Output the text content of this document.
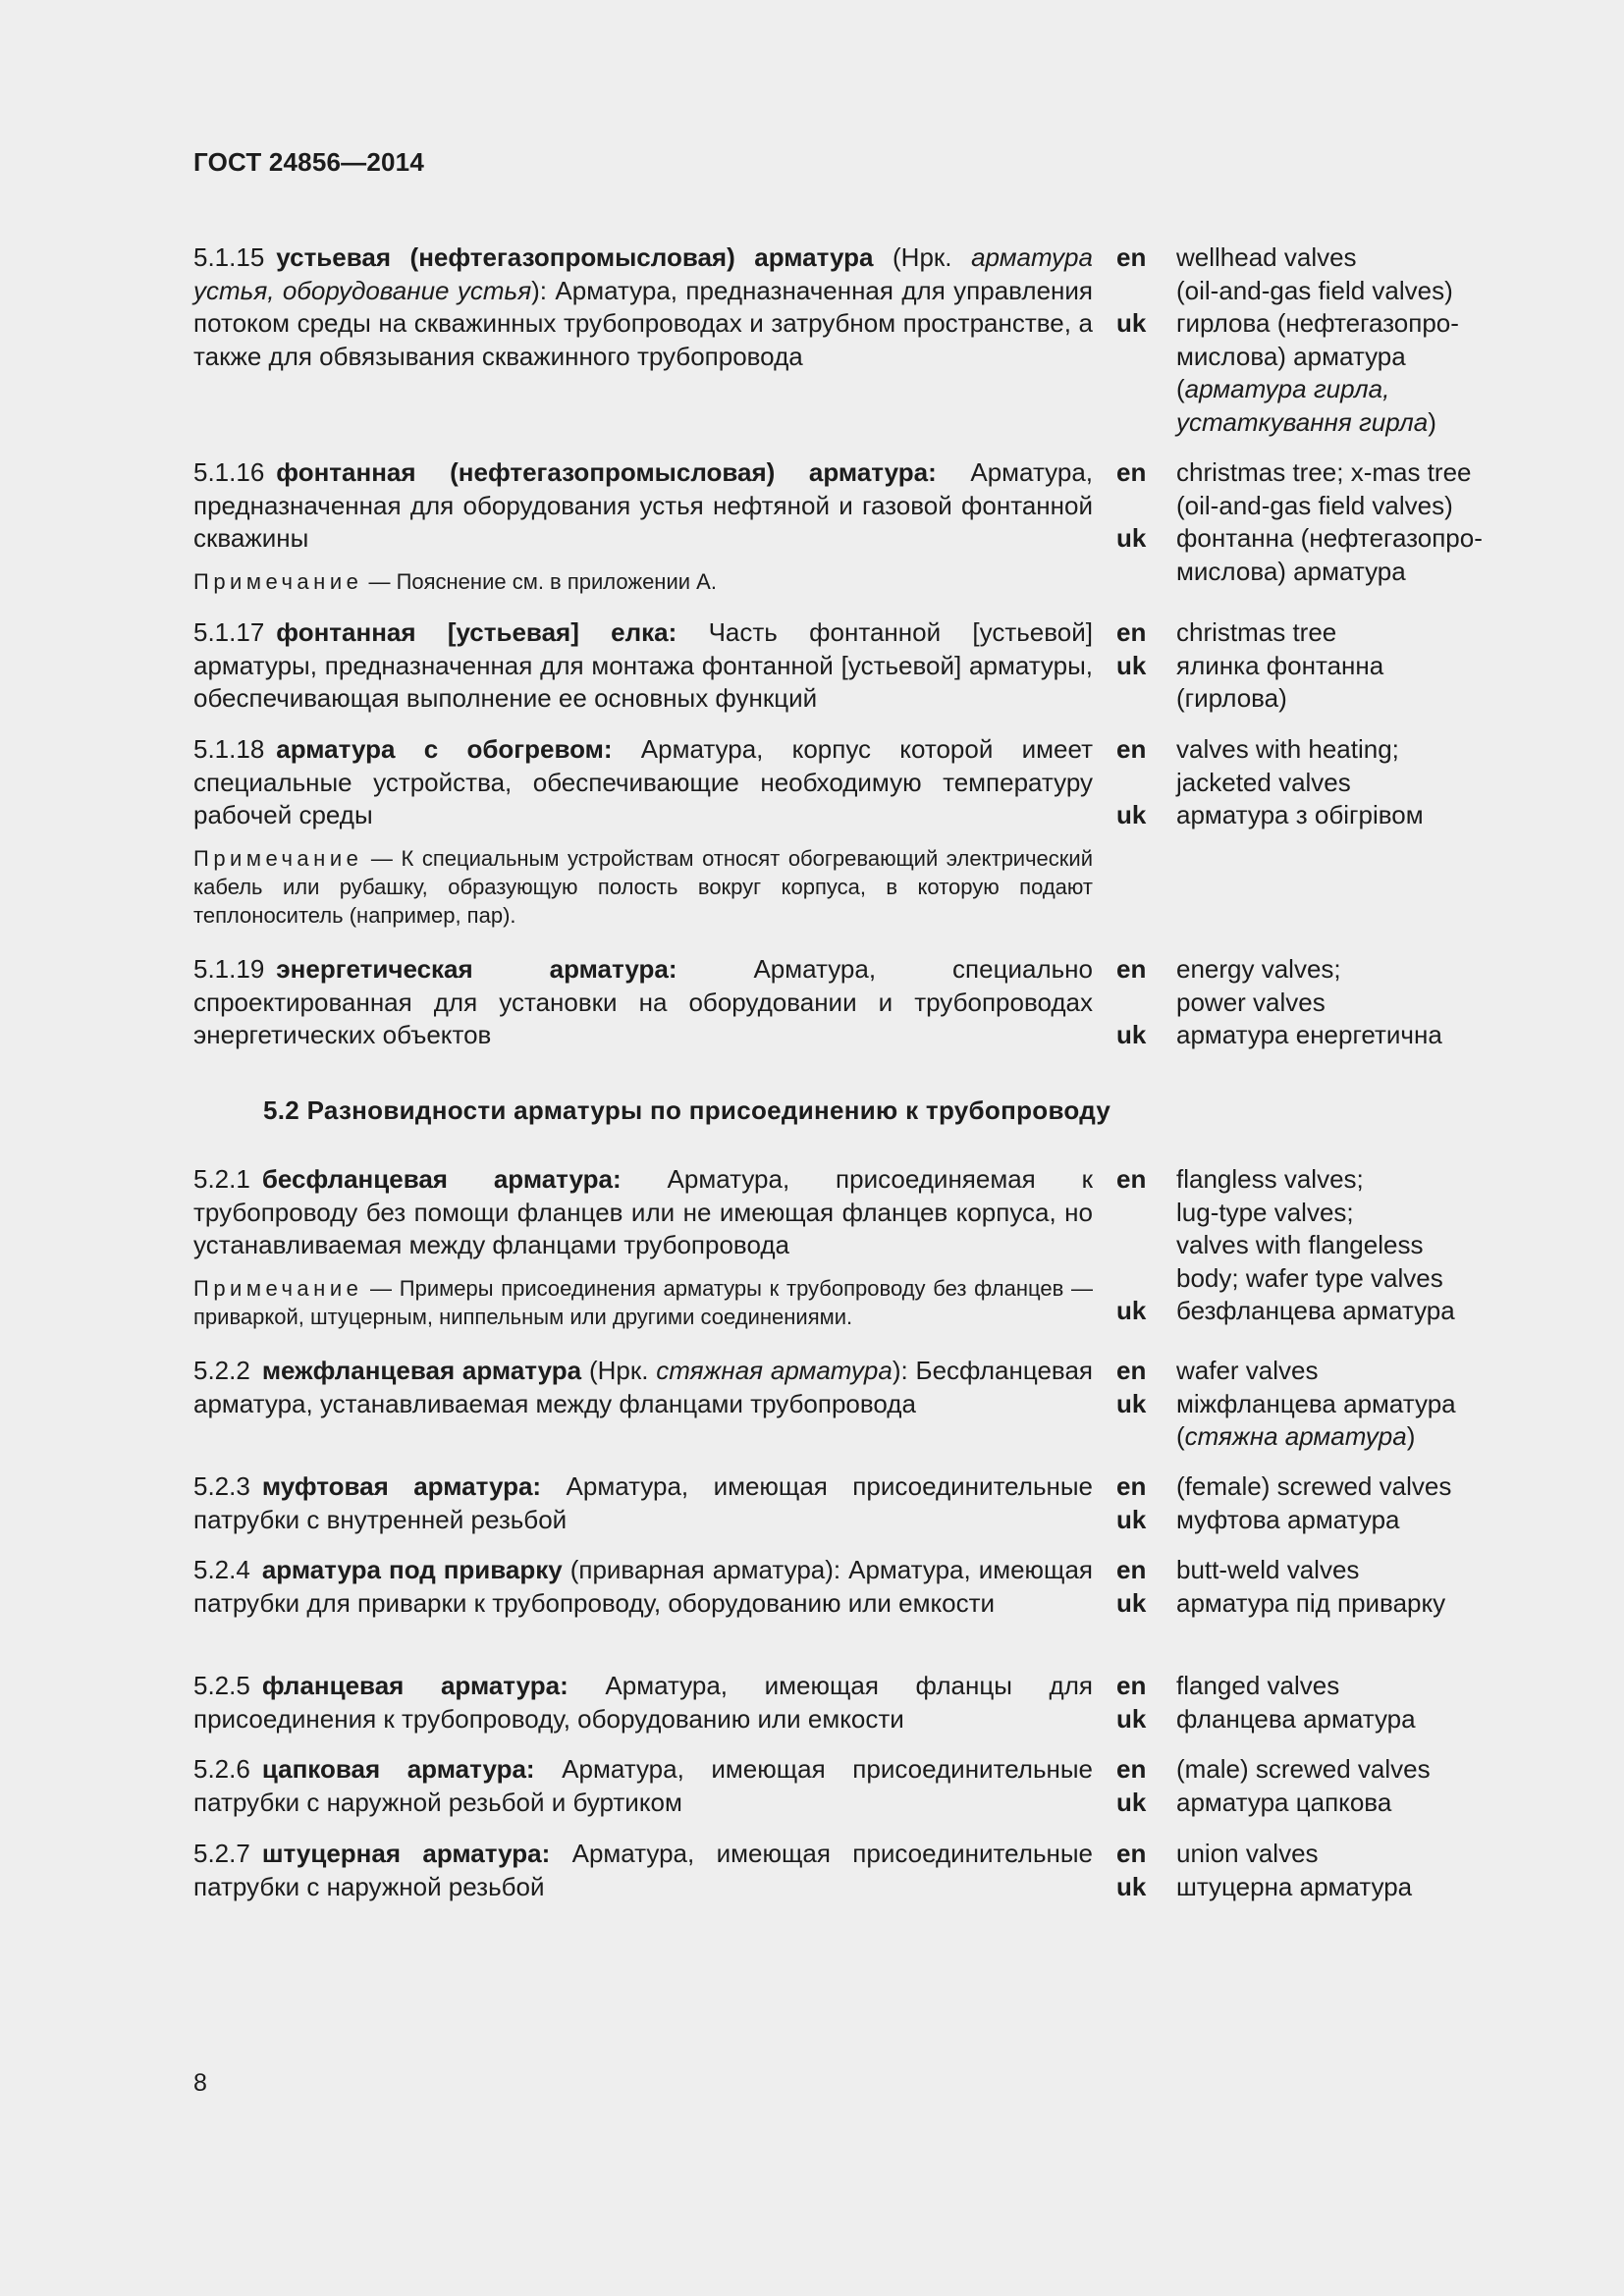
ГОСТ 24856—2014
5.1.15 устьевая (нефтегазопромысловая) арматура (Нрк. арматура устья, оборудование устья): Арматура, предназначенная для управления потоком среды на скважинных трубопроводах и затрубном пространстве, а также для обвязывания скважинного трубопровода
en
uk
wellhead valves
(oil-and-gas field valves)
гирлова (нефтегазопро-
мислова) арматура
(арматура гирла,
устаткування гирла)
5.1.16 фонтанная (нефтегазопромысловая) арматура: Арматура, предназначенная для оборудования устья нефтяной и газовой фонтанной скважины
Примечание — Пояснение см. в приложении А.
en
uk
christmas tree; x-mas tree
(oil-and-gas field valves)
фонтанна (нефтегазопро-
мислова) арматура
5.1.17 фонтанная [устьевая] елка: Часть фонтанной [устьевой] арматуры, предназначенная для монтажа фонтанной [устьевой] арматуры, обеспечивающая выполнение ее основных функций
en
uk
christmas tree
ялинка фонтанна
(гирлова)
5.1.18 арматура с обогревом: Арматура, корпус которой имеет специальные устройства, обеспечивающие необходимую температуру рабочей среды
Примечание — К специальным устройствам относят обогревающий электрический кабель или рубашку, образующую полость вокруг корпуса, в которую подают теплоноситель (например, пар).
en
uk
valves with heating;
jacketed valves
арматура з обігрівом
5.1.19 энергетическая арматура: Арматура, специально спроектированная для установки на оборудовании и трубопроводах энергетических объектов
en
uk
energy valves;
power valves
арматура енергетична
5.2 Разновидности арматуры по присоединению к трубопроводу
5.2.1 бесфланцевая арматура: Арматура, присоединяемая к трубопроводу без помощи фланцев или не имеющая фланцев корпуса, но устанавливаемая между фланцами трубопровода
Примечание — Примеры присоединения арматуры к трубопроводу без фланцев — приваркой, штуцерным, ниппельным или другими соединениями.
en
uk
flangless valves;
lug-type valves;
valves with flangeless
body; wafer type valves
безфланцева арматура
5.2.2 межфланцевая арматура (Нрк. стяжная арматура): Бесфланцевая арматура, устанавливаемая между фланцами трубопровода
en
uk
wafer valves
міжфланцева арматура
(стяжна арматура)
5.2.3 муфтовая арматура: Арматура, имеющая присоединительные патрубки с внутренней резьбой
en
uk
(female) screwed valves
муфтова арматура
5.2.4 арматура под приварку (приварная арматура): Арматура, имеющая патрубки для приварки к трубопроводу, оборудованию или емкости
en
uk
butt-weld valves
арматура під приварку
5.2.5 фланцевая арматура: Арматура, имеющая фланцы для присоединения к трубопроводу, оборудованию или емкости
en
uk
flanged valves
фланцева арматура
5.2.6 цапковая арматура: Арматура, имеющая присоединительные патрубки с наружной резьбой и буртиком
en
uk
(male) screwed valves
арматура цапкова
5.2.7 штуцерная арматура: Арматура, имеющая присоединительные патрубки с наружной резьбой
en
uk
union valves
штуцерна арматура
8
